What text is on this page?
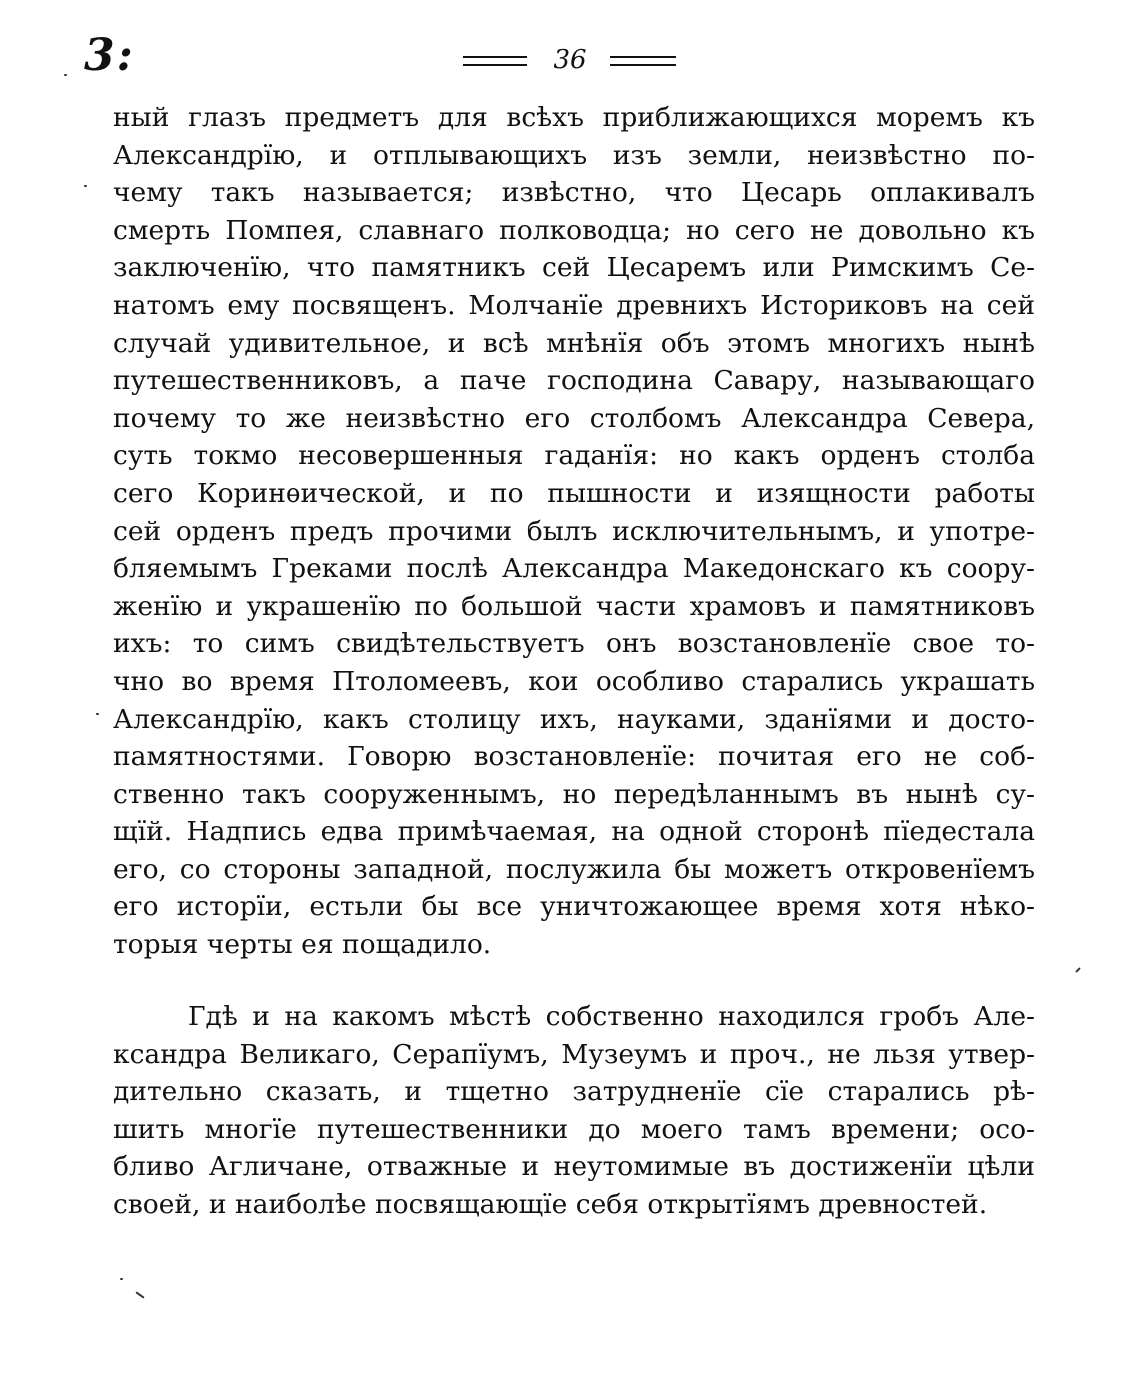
3:	36
ный глазъ предметъ для всѣхъ приближающихся моремъ къ
Александрїю, и отплывающихъ изъ земли, неизвѣстно по-
чему такъ называется; извѣстно, что Цесарь оплакивалъ
смерть Помпея, славнаго полководца; но сего не довольно къ
заключенїю, что памятникъ сей Цесаремъ или Римскимъ Се-
натомъ ему посвященъ. Молчанїе древнихъ Историковъ на сей
случай удивительное, и всѣ мнѣнїя объ этомъ многихъ нынѣ
путешественниковъ, а паче господина Савару, называющаго
почему то же неизвѣстно его столбомъ Александра Севера,
суть токмо несовершенныя гаданїя: но какъ орденъ столба
сего Коринѳической, и по пышности и изящности работы
сей орденъ предъ прочими былъ исключительнымъ, и употре-
бляемымъ Греками послѣ Александра Македонскаго къ соору-
женїю и украшенїю по большой части храмовъ и памятниковъ
ихъ: то симъ свидѣтельствуетъ онъ возстановленїе свое то-
чно во время Птоломеевъ, кои особливо старались украшать
Александрїю, какъ столицу ихъ, науками, зданїями и достo-
памятностями. Говорю возстановленїе: почитая его не соб-
ственно такъ сооруженнымъ, но передѣланнымъ въ нынѣ су-
щїй. Надпись едва примѣчаемая, на одной сторонѣ пїедестала
его, со стороны западной, послужила бы можетъ откровенїемъ
его исторїи, естьли бы все уничтожающее время хотя нѣко-
торыя черты ея пощадило.
Гдѣ и на какомъ мѣстѣ собственно находился гробъ Але-
ксандра Великаго, Серапїумъ, Музеумъ и проч., не льзя утвер-
дительно сказать, и тщетно затрудненїе сїе старались рѣ-
шить многїе путешественники до моего тамъ времени; осо-
бливо Агличане, отважные и неутомимые въ достиженїи цѣли
своей, и наиболѣе посвящающїе себя открытїямъ древностей.
